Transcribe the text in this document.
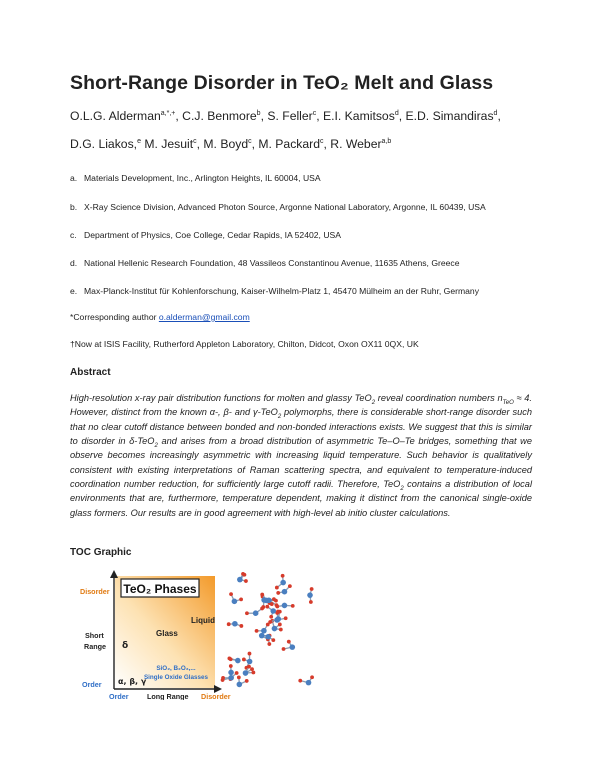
Short-Range Disorder in TeO₂ Melt and Glass
O.L.G. Alderman$^{a,*,+}$, C.J. Benmore$^b$, S. Feller$^c$, E.I. Kamitsos$^d$, E.D. Simandiras$^d$,
D.G. Liakos,$^e$ M. Jesuit$^c$, M. Boyd$^c$, M. Packard$^c$, R. Weber$^{a,b}$
a. Materials Development, Inc., Arlington Heights, IL 60004, USA
b. X-Ray Science Division, Advanced Photon Source, Argonne National Laboratory, Argonne, IL 60439, USA
c. Department of Physics, Coe College, Cedar Rapids, IA 52402, USA
d. National Hellenic Research Foundation, 48 Vassileos Constantinou Avenue, 11635 Athens, Greece
e. Max-Planck-Institut für Kohlenforschung, Kaiser-Wilhelm-Platz 1, 45470 Mülheim an der Ruhr, Germany
*Corresponding author o.alderman@gmail.com
†Now at ISIS Facility, Rutherford Appleton Laboratory, Chilton, Didcot, Oxon OX11 0QX, UK
Abstract
High-resolution x-ray pair distribution functions for molten and glassy TeO$_2$ reveal coordination numbers $n_{TeO} \approx 4$. However, distinct from the known α-, β- and γ-TeO$_2$ polymorphs, there is considerable short-range disorder such that no clear cutoff distance between bonded and non-bonded interactions exists. We suggest that this is similar to disorder in δ-TeO$_2$ and arises from a broad distribution of asymmetric Te–O–Te bridges, something that we observe becomes increasingly asymmetric with increasing liquid temperature. Such behavior is qualitatively consistent with existing interpretations of Raman scattering spectra, and equivalent to temperature-induced coordination number reduction, for sufficiently large cutoff radii. Therefore, TeO$_2$ contains a distribution of local environments that are, furthermore, temperature dependent, making it distinct from the canonical single-oxide glass formers. Our results are in good agreement with high-level ab initio cluster calculations.
TOC Graphic
Disorder
Short
Range
Order
TeO₂ Phases
Liquid
Glass
δ
α, β, γ
SiO₂, B₂O₃,...
Single Oxide Glasses
Order	Long Range Disorder
